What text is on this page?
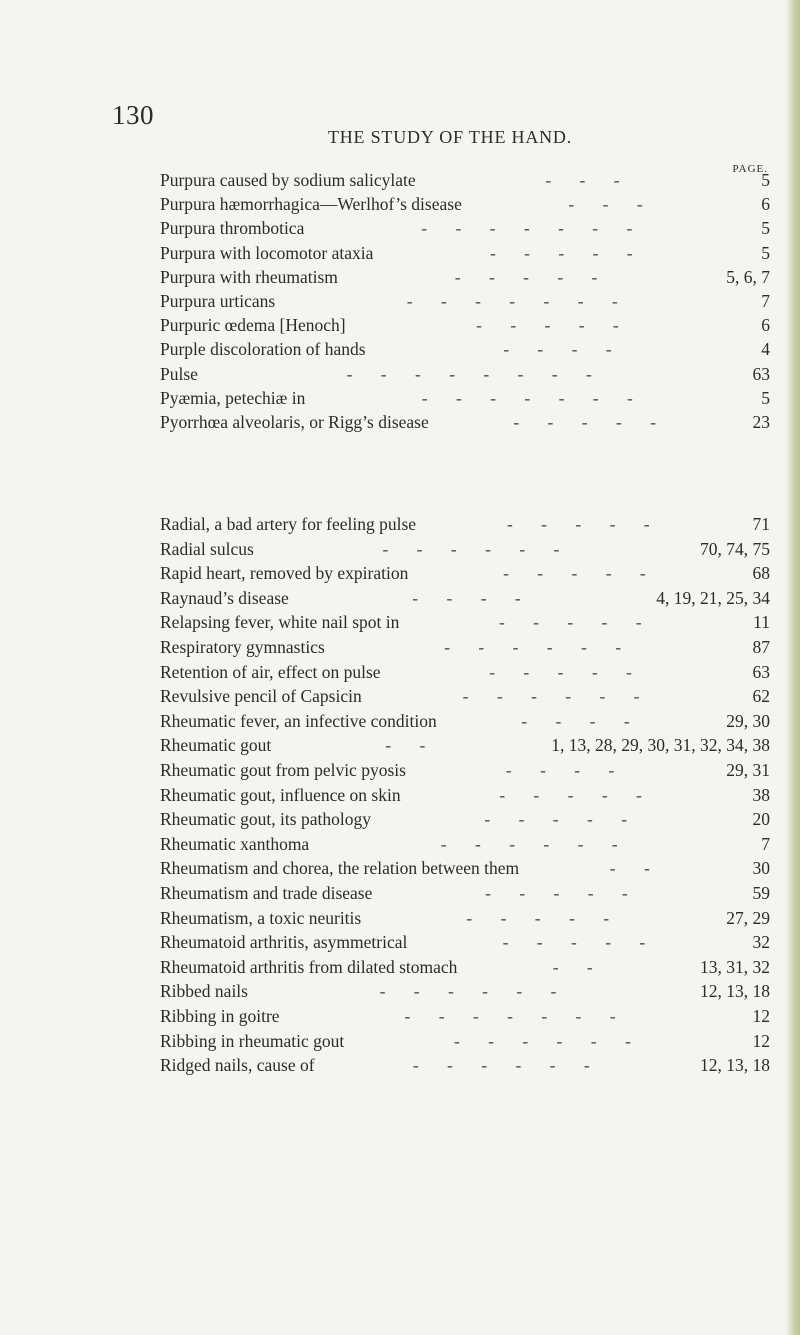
130
THE STUDY OF THE HAND.
PAGE.
Purpura caused by sodium salicylate	- - -	5
Purpura hæmorrhagica—Werlhof’s disease	- - -	6
Purpura thrombotica	- - - - - - -	5
Purpura with locomotor ataxia	- - - - -	5
Purpura with rheumatism	- - - - -	5, 6, 7
Purpura urticans	- - - - - - -	7
Purpuric œdema [Henoch]	- - - - -	6
Purple discoloration of hands	- - - -	4
Pulse	- - - - - - - -	63
Pyæmia, petechiæ in	- - - - - - -	5
Pyorrhœa alveolaris, or Rigg’s disease	- - - - -	23
Radial, a bad artery for feeling pulse	- - - - -	71
Radial sulcus	- - - - - -	70, 74, 75
Rapid heart, removed by expiration	- - - - -	68
Raynaud’s disease	- - - -	4, 19, 21, 25, 34
Relapsing fever, white nail spot in	- - - - -	11
Respiratory gymnastics	- - - - - -	87
Retention of air, effect on pulse	- - - - -	63
Revulsive pencil of Capsicin	- - - - - -	62
Rheumatic fever, an infective condition	- - - -	29, 30
Rheumatic gout	- -	1, 13, 28, 29, 30, 31, 32, 34, 38
Rheumatic gout from pelvic pyosis	- - - -	29, 31
Rheumatic gout, influence on skin	- - - - -	38
Rheumatic gout, its pathology	- - - - -	20
Rheumatic xanthoma	- - - - - -	7
Rheumatism and chorea, the relation between them	- -	30
Rheumatism and trade disease	- - - - -	59
Rheumatism, a toxic neuritis	- - - - -	27, 29
Rheumatoid arthritis, asymmetrical	- - - - -	32
Rheumatoid arthritis from dilated stomach	- -	13, 31, 32
Ribbed nails	- - - - - -	12, 13, 18
Ribbing in goitre	- - - - - - -	12
Ribbing in rheumatic gout	- - - - - -	12
Ridged nails, cause of	- - - - - -	12, 13, 18
